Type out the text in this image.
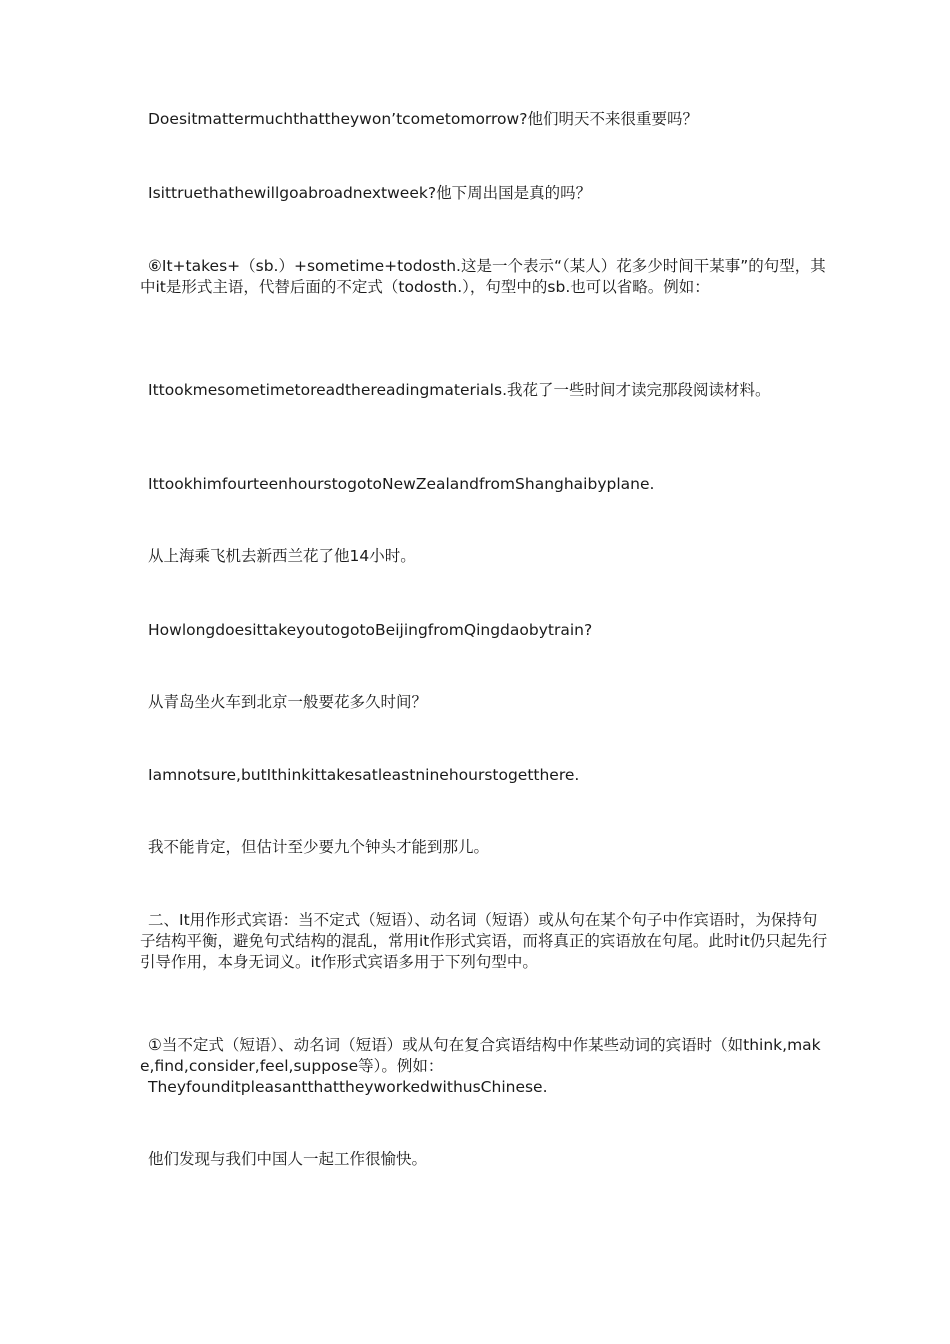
Doesitmattermuchthattheywon’tcometomorrow?他们明天不来很重要吗？

Isittruethathewillgoabroadnextweek?他下周出国是真的吗？

⑥It+takes+（sb.）+sometime+todosth.这是一个表示“（某人）花多少时间干某事”的句型，其中it是形式主语，代替后面的不定式（todosth.），句型中的sb.也可以省略。例如：

Ittookmesometimetoreadthereadingmaterials.我花了一些时间才读完那段阅读材料。

IttookhimfourteenhourstogotoNewZealandfromShanghaibyplane.

从上海乘飞机去新西兰花了他14小时。

HowlongdoesittakeyoutogotoBeijingfromQingdaobytrain?

从青岛坐火车到北京一般要花多久时间？

Iamnotsure,butIthinkittakesatleastninehourstogetthere.

我不能肯定，但估计至少要九个钟头才能到那儿。

二、It用作形式宾语：当不定式（短语）、动名词（短语）或从句在某个句子中作宾语时，为保持句子结构平衡，避免句式结构的混乱，常用it作形式宾语，而将真正的宾语放在句尾。此时it仍只起先行引导作用，本身无词义。it作形式宾语多用于下列句型中。

①当不定式（短语）、动名词（短语）或从句在复合宾语结构中作某些动词的宾语时（如think,make,find,consider,feel,suppose等）。例如：
TheyfounditpleasantthattheyworkedwithusChinese.

他们发现与我们中国人一起工作很愉快。
